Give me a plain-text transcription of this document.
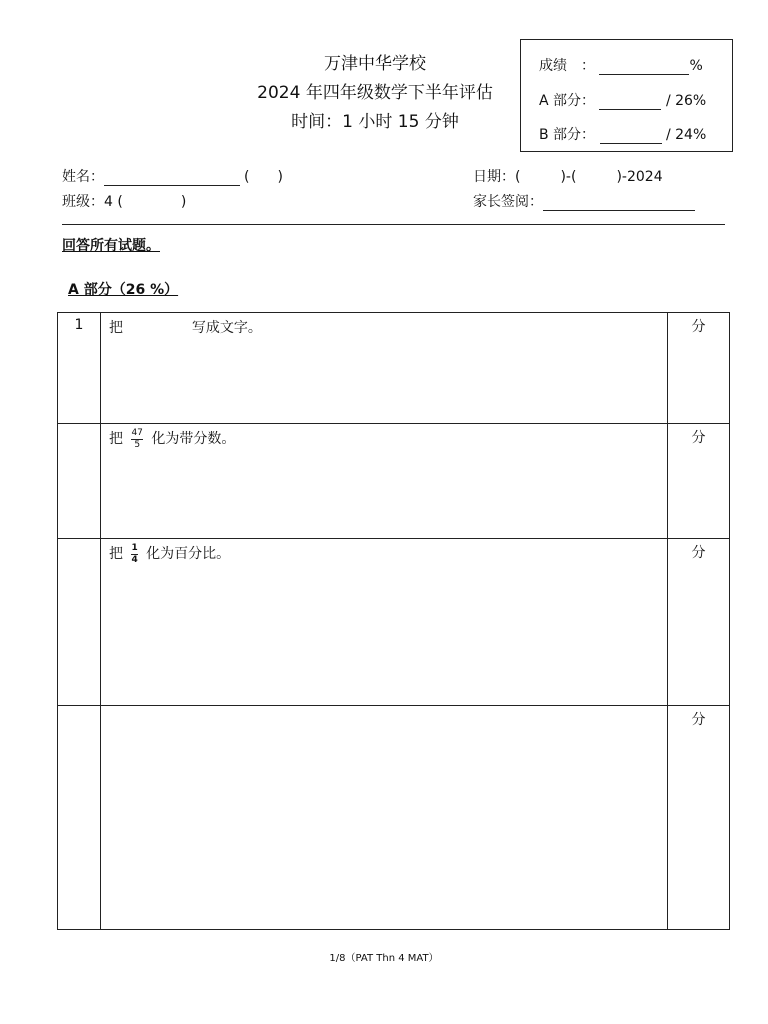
万津中华学校
2024 年四年级数学下半年评估
时间：1 小时 15 分钟
成绩　：	%
A 部分：	/ 26%
B 部分：	/ 24%
姓名：	(　　)
班级：4 (	)
日期：(	)-(	)-2024
家长签阅：
回答所有试题。
A 部分（26 %）
1	把 写成文字。	分
	把 $\frac{47}{5}$ 化为带分数。	分
	把 $\frac{1}{4}$ 化为百分比。	分
		分
1/8（PAT Thn 4 MAT）
